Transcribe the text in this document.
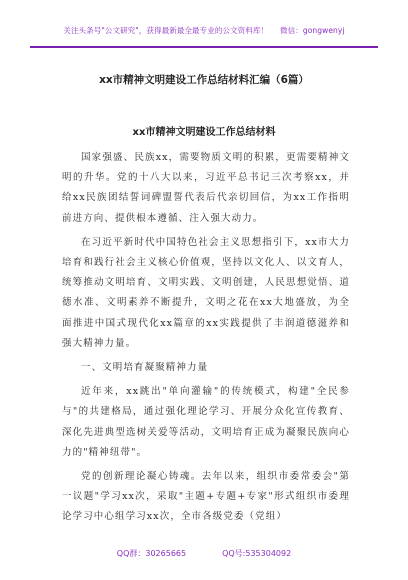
关注头条号"公文研究"，获得最新最全最专业的公文资料库！ 微信：gongwenyj
xx市精神文明建设工作总结材料汇编（6篇）
xx市精神文明建设工作总结材料

国家强盛、民族xx，需要物质文明的积累，更需要精神文明的升华。党的十八大以来，习近平总书记三次考察xx，并给xx民族团结誓词碑盟誓代表后代亲切回信，为xx工作指明前进方向、提供根本遵循、注入强大动力。

在习近平新时代中国特色社会主义思想指引下，xx市大力培育和践行社会主义核心价值观，坚持以文化人、以文育人，统筹推动文明培育、文明实践、文明创建，人民思想觉悟、道德水准、文明素养不断提升，文明之花在xx大地盛放，为全面推进中国式现代化xx篇章的xx实践提供了丰润道德滋养和强大精神力量。

一、文明培育凝聚精神力量

近年来，xx跳出"单向灌输"的传统模式，构建"全民参与"的共建格局，通过强化理论学习、开展分众化宣传教育、深化先进典型选树关爱等活动，文明培育正成为凝聚民族向心力的"精神纽带"。

党的创新理论凝心铸魂。去年以来，组织市委常委会"第一议题"学习xx次，采取"主题+专题+专家"形式组织市委理论学习中心组学习xx次，全市各级党委（党组）

QQ群：30265665	QQ号:535304092
